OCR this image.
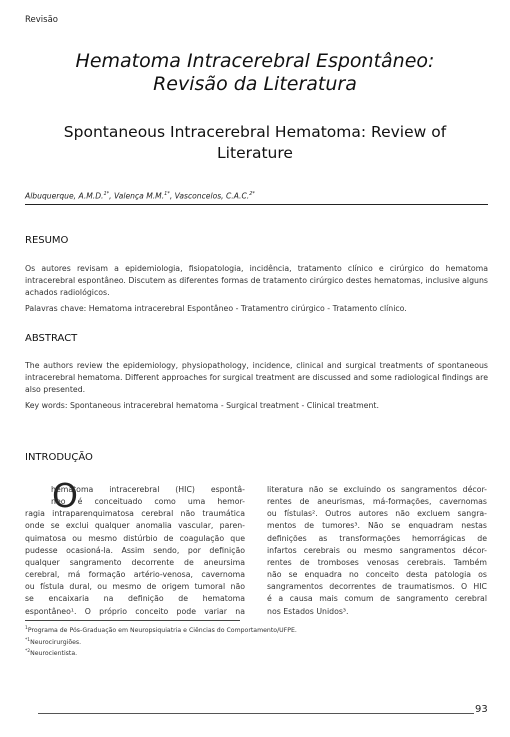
Revisão
Hematoma Intracerebral Espontâneo:
Revisão da Literatura
Spontaneous Intracerebral Hematoma: Review of
Literature
Albuquerque, A.M.D.$^{1*}$, Valença M.M.$^{1*}$, Vasconcelos, C.A.C.$^{2*}$
RESUMO
Os autores revisam a epidemiologia, fisiopatologia, incidência, tratamento clínico e cirúrgico do hematoma intracerebral espontâneo. Discutem as diferentes formas de tratamento cirúrgico destes hematomas, inclusive alguns achados radiológicos.
Palavras chave: Hematoma intracerebral Espontâneo - Tratamentro cirúrgico - Tratamento clínico.
ABSTRACT
The authors review the epidemiology, physiopathology, incidence, clinical and surgical treatments of spontaneous intracerebral hematoma. Different approaches for surgical treatment are discussed and some radiological findings are also presented.
Key words: Spontaneous intracerebral hematoma - Surgical treatment - Clinical treatment.
INTRODUÇÃO
O
hematoma intracerebral (HIC) espontâ-
neo é conceituado como uma hemor-
ragia intraparenquimatosa cerebral não traumática
onde se exclui qualquer anomalia vascular, paren-
quimatosa ou mesmo distúrbio de coagulação que
pudesse ocasioná-la. Assim sendo, por definição
qualquer sangramento decorrente de aneursima
cerebral, má formação artério-venosa, cavernoma
ou fístula dural, ou mesmo de origem tumoral não
se encaixaria na definição de hematoma
espontâneo¹. O próprio conceito pode variar na
literatura não se excluindo os sangramentos décor-
rentes de aneurismas, má-formações, cavernomas
ou fístulas². Outros autores não excluem sangra-
mentos de tumores³. Não se enquadram nestas
definições as transformações hemorrágicas de
infartos cerebrais ou mesmo sangramentos décor-
rentes de tromboses venosas cerebrais. Também
não se enquadra no conceito desta patologia os
sangramentos decorrentes de traumatismos. O HIC
é a causa mais comum de sangramento cerebral
nos Estados Unidos³.
$^1$Programa de Pós-Graduação em Neuropsiquiatria e Ciências do Comportamento/UFPE.
$^{*1}$Neurocirurgiões.
$^{*2}$Neurocientista.
93
